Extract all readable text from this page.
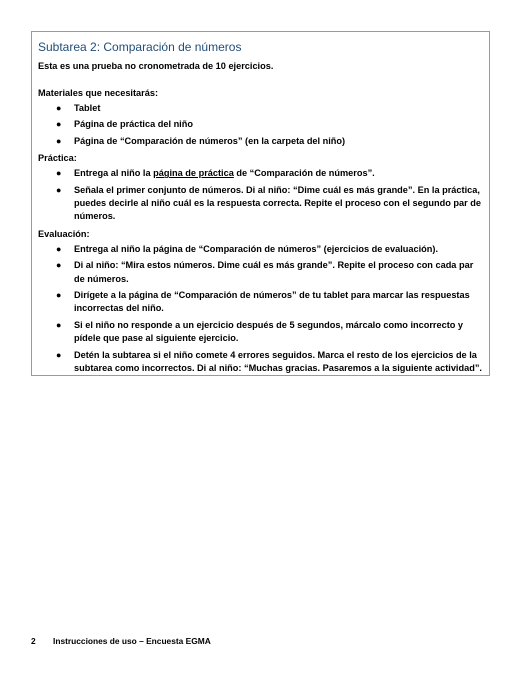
Subtarea 2: Comparación de números
Esta es una prueba no cronometrada de 10 ejercicios.
Materiales que necesitarás:
● Tablet
● Página de práctica del niño
● Página de “Comparación de números” (en la carpeta del niño)
Práctica:
● Entrega al niño la página de práctica de “Comparación de números”.
● Señala el primer conjunto de números. Di al niño: “Dime cuál es más grande”. En la práctica, puedes decirle al niño cuál es la respuesta correcta. Repite el proceso con el segundo par de números.
Evaluación:
● Entrega al niño la página de “Comparación de números” (ejercicios de evaluación).
● Di al niño: “Mira estos números. Dime cuál es más grande”. Repite el proceso con cada par de números.
● Dirígete a la página de “Comparación de números” de tu tablet para marcar las respuestas incorrectas del niño.
● Si el niño no responde a un ejercicio después de 5 segundos, márcalo como incorrecto y pídele que pase al siguiente ejercicio.
● Detén la subtarea si el niño comete 4 errores seguidos. Marca el resto de los ejercicios de la subtarea como incorrectos. Di al niño: “Muchas gracias. Pasaremos a la siguiente actividad”.
2 Instrucciones de uso – Encuesta EGMA
